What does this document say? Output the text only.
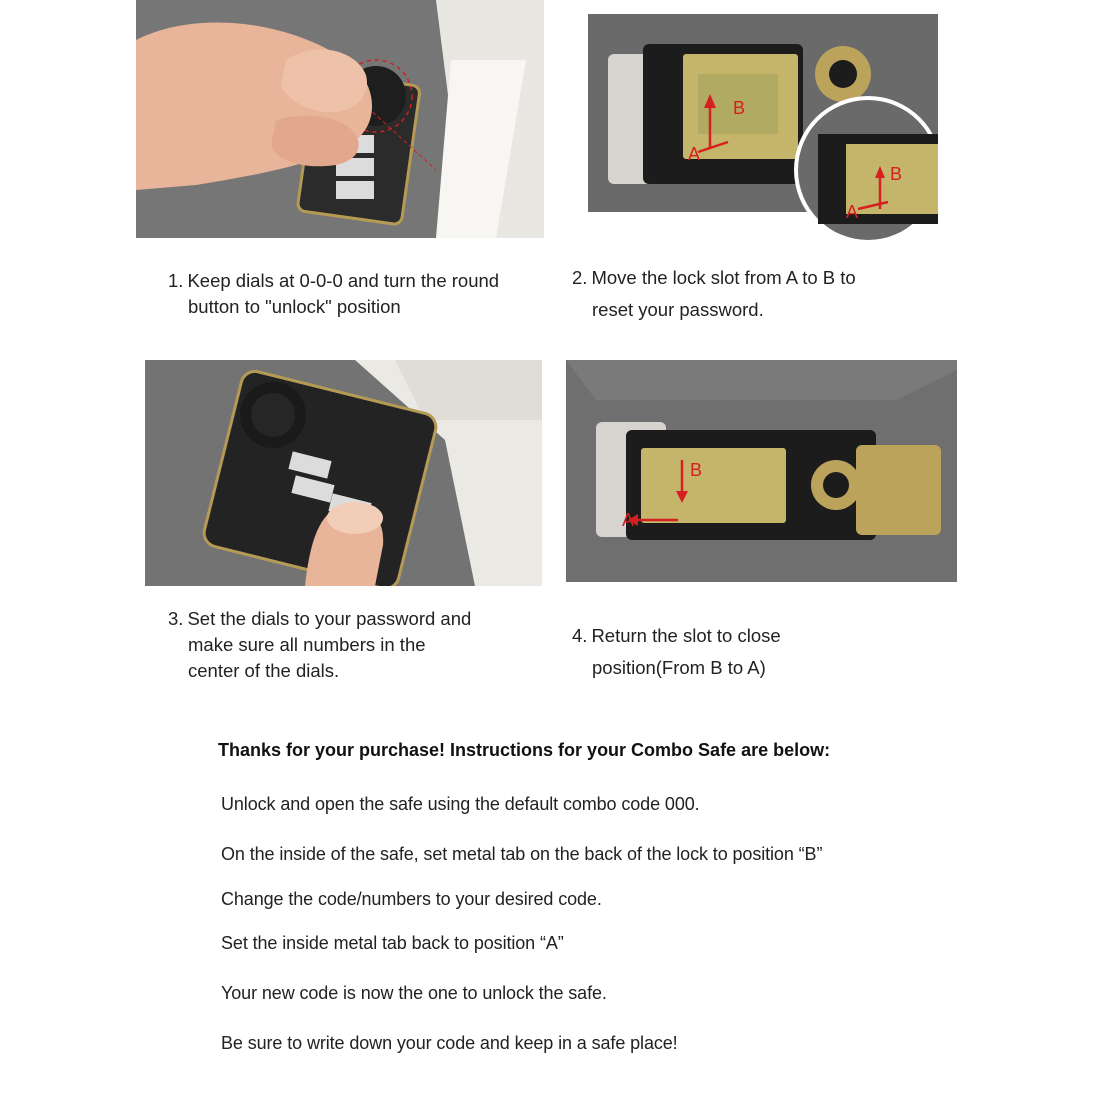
B
A
B
A
B
A
1. Keep dials at 0-0-0 and turn the round
button to "unlock" position
2. Move the lock slot from A to B to
reset your password.
3. Set the dials to your password and
make sure all numbers in the
center of the dials.
4. Return the slot to close
position(From B to A)
Thanks for your purchase! Instructions for your Combo Safe are below:
Unlock and open the safe using the default combo code 000.
On the inside of the safe, set metal tab on the back of the lock to position “B”
Change the code/numbers to your desired code.
Set the inside metal tab back to position “A”
Your new code is now the one to unlock the safe.
Be sure to write down your code and keep in a safe place!
